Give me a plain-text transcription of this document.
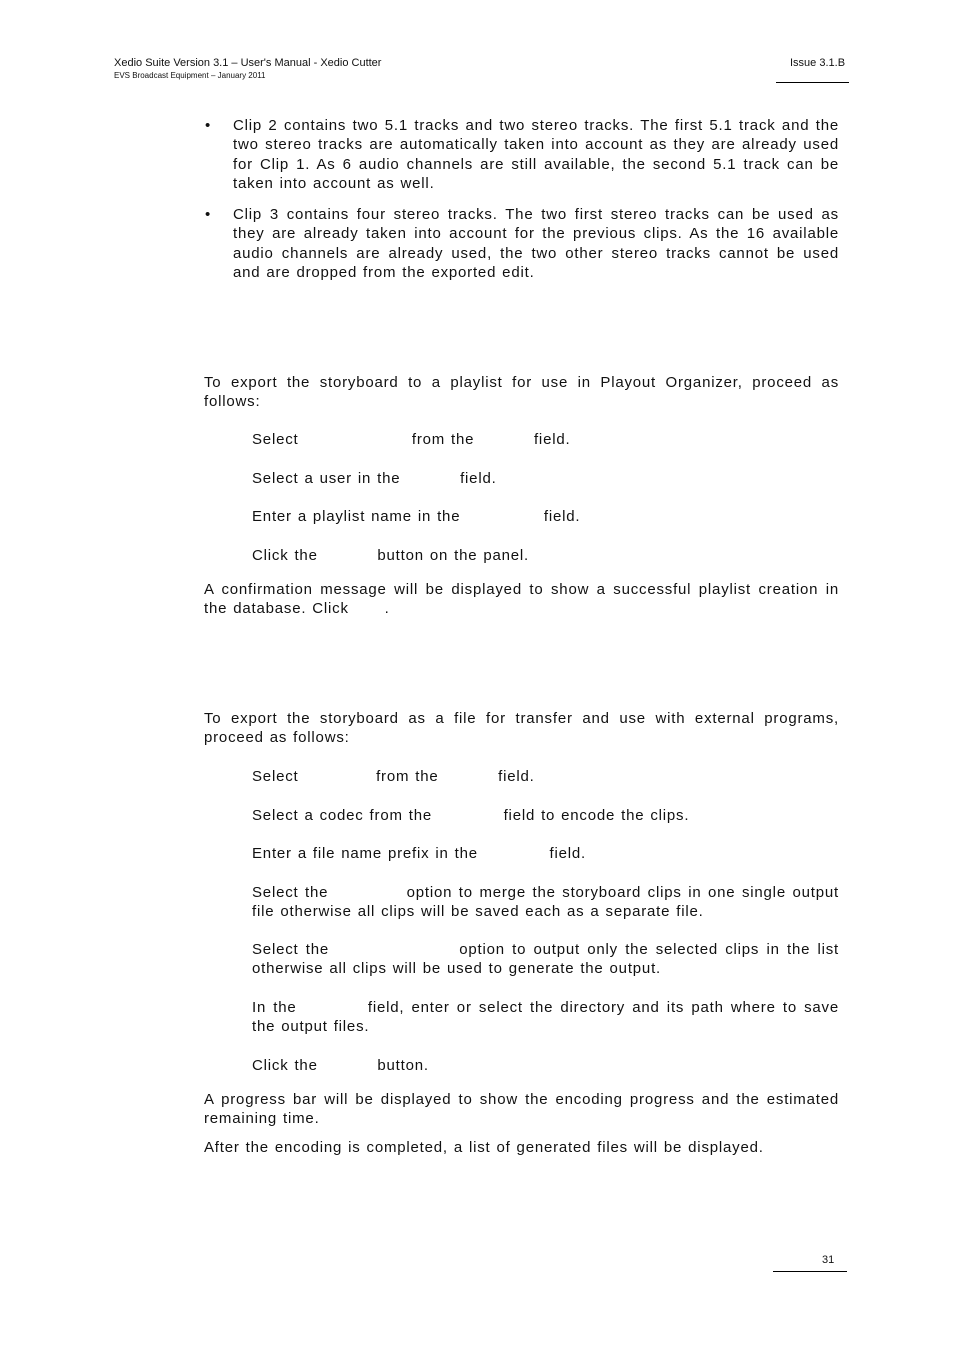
Xedio Suite Version 3.1 – User's Manual - Xedio Cutter
EVS Broadcast Equipment – January 2011
Issue 3.1.B
• Clip 2 contains two 5.1 tracks and two stereo tracks. The first 5.1 track and the two stereo tracks are automatically taken into account as they are already used for Clip 1. As 6 audio channels are still available, the second 5.1 track can be taken into account as well.

• Clip 3 contains four stereo tracks. The two first stereo tracks can be used as they are already taken into account for the previous clips. As the 16 available audio channels are already used, the two other stereo tracks cannot be used and are dropped from the exported edit.

To export the storyboard to a playlist for use in Playout Organizer, proceed as follows:

Select                   from the          field.

Select a user in the          field.

Enter a playlist name in the              field.

Click the          button on the panel.

A confirmation message will be displayed to show a successful playlist creation in the database. Click      .

To export the storyboard as a file for transfer and use with external programs, proceed as follows:

Select             from the          field.

Select a codec from the            field to encode the clips.

Enter a file name prefix in the            field.

Select the            option to merge the storyboard clips in one single output file otherwise all clips will be saved each as a separate file.

Select the                  option to output only the selected clips in the list otherwise all clips will be used to generate the output.

In the          field, enter or select the directory and its path where to save the output files.

Click the          button.

A progress bar will be displayed to show the encoding progress and the estimated remaining time.

After the encoding is completed, a list of generated files will be displayed.

31
